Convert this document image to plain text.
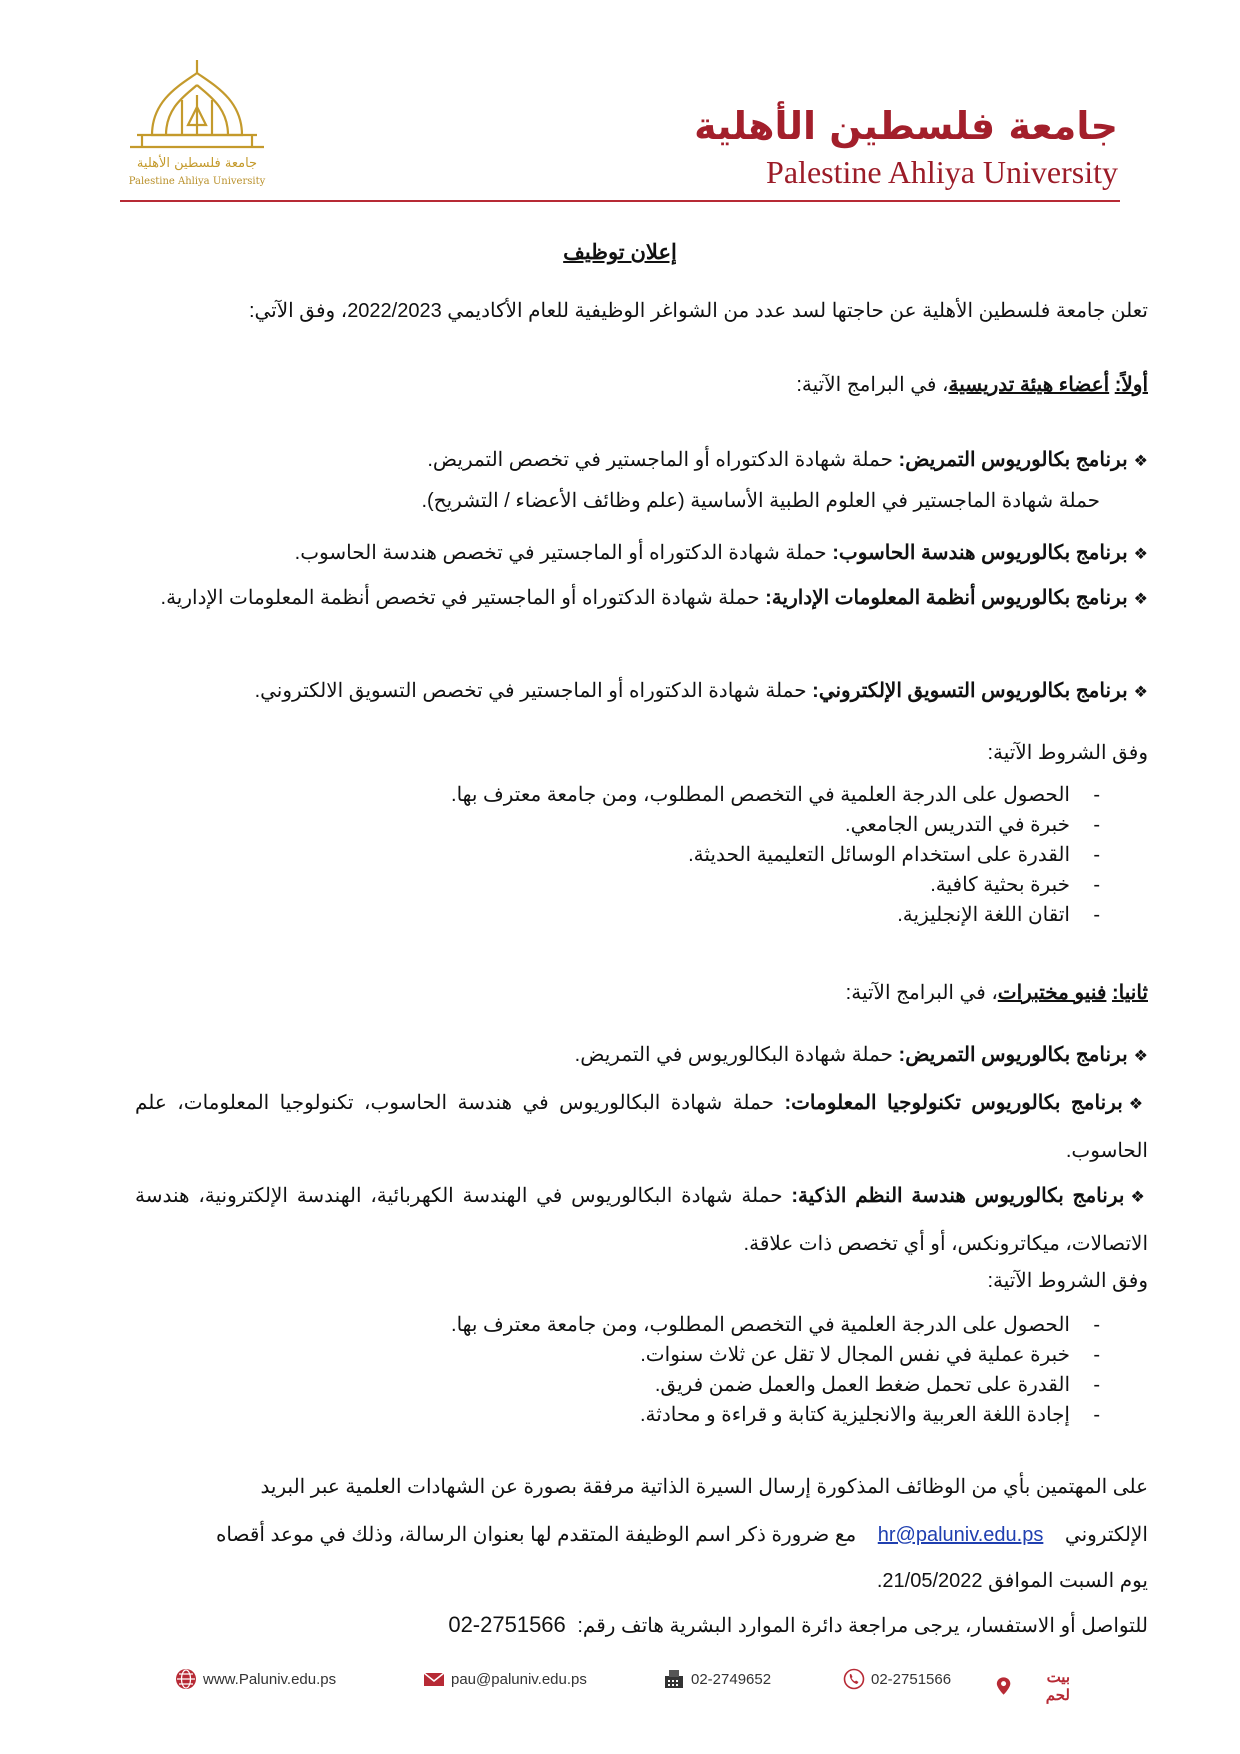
جامعة فلسطين الأهلية
Palestine Ahliya University
جامعة فلسطين الأهلية
Palestine Ahliya University
إعلان توظيف
تعلن جامعة فلسطين الأهلية عن حاجتها لسد عدد من الشواغر الوظيفية للعام الأكاديمي 2022/2023، وفق الآتي:
أولاً: أعضاء هيئة تدريسية، في البرامج الآتية:
❖برنامج بكالوريوس التمريض: حملة شهادة الدكتوراه أو الماجستير في تخصص التمريض.
حملة شهادة الماجستير في العلوم الطبية الأساسية (علم وظائف الأعضاء / التشريح).
❖برنامج بكالوريوس هندسة الحاسوب: حملة شهادة الدكتوراه أو الماجستير في تخصص هندسة الحاسوب.
❖برنامج بكالوريوس أنظمة المعلومات الإدارية: حملة شهادة الدكتوراه أو الماجستير في تخصص أنظمة المعلومات الإدارية.
❖برنامج بكالوريوس التسويق الإلكتروني: حملة شهادة الدكتوراه أو الماجستير في تخصص التسويق الالكتروني.
وفق الشروط الآتية:
- الحصول على الدرجة العلمية في التخصص المطلوب، ومن جامعة معترف بها.
- خبرة في التدريس الجامعي.
- القدرة على استخدام الوسائل التعليمية الحديثة.
- خبرة بحثية كافية.
- اتقان اللغة الإنجليزية.
ثانيا: فنيو مختبرات، في البرامج الآتية:
❖برنامج بكالوريوس التمريض: حملة شهادة البكالوريوس في التمريض.
❖برنامج بكالوريوس تكنولوجيا المعلومات: حملة شهادة البكالوريوس في هندسة الحاسوب، تكنولوجيا المعلومات، علم الحاسوب.
❖برنامج بكالوريوس هندسة النظم الذكية: حملة شهادة البكالوريوس في الهندسة الكهربائية، الهندسة الإلكترونية، هندسة الاتصالات، ميكاترونكس، أو أي تخصص ذات علاقة.
وفق الشروط الآتية:
- الحصول على الدرجة العلمية في التخصص المطلوب، ومن جامعة معترف بها.
- خبرة عملية في نفس المجال لا تقل عن ثلاث سنوات.
- القدرة على تحمل ضغط العمل والعمل ضمن فريق.
- إجادة اللغة العربية والانجليزية كتابة و قراءة و محادثة.
على المهتمين بأي من الوظائف المذكورة إرسال السيرة الذاتية مرفقة بصورة عن الشهادات العلمية عبر البريد
الإلكتروني hr@paluniv.edu.ps مع ضرورة ذكر اسم الوظيفة المتقدم لها بعنوان الرسالة، وذلك في موعد أقصاه
يوم السبت الموافق 21/05/2022.
للتواصل أو الاستفسار، يرجى مراجعة دائرة الموارد البشرية هاتف رقم: 02-2751566
www.Paluniv.edu.ps	pau@paluniv.edu.ps	02-2749652	02-2751566	بيت لحم
